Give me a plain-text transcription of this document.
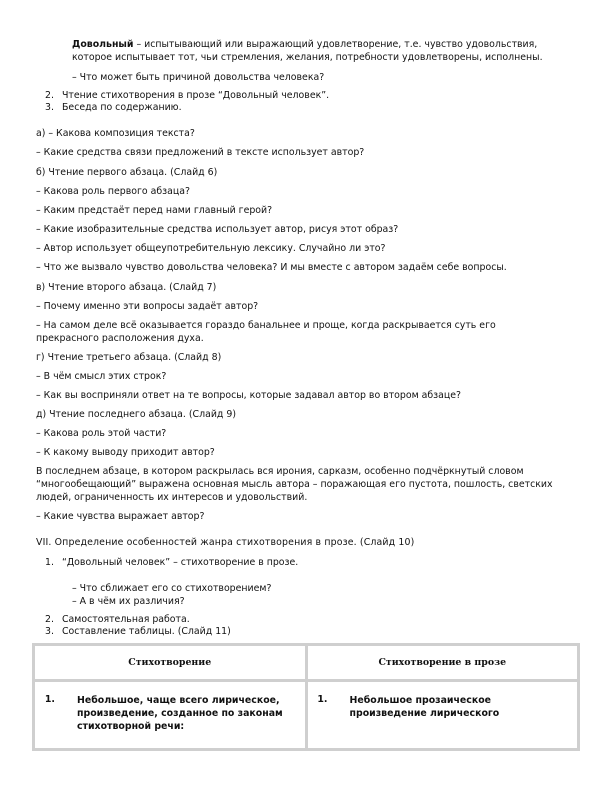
Довольный – испытывающий или выражающий удовлетворение, т.е. чувство удовольствия, которое испытывает тот, чьи стремления, желания, потребности удовлетворены, исполнены.

– Что может быть причиной довольства человека?

2. Чтение стихотворения в прозе “Довольный человек”.
3. Беседа по содержанию.

а) – Какова композиция текста?

– Какие средства связи предложений в тексте использует автор?

б) Чтение первого абзаца. (Слайд 6)

– Какова роль первого абзаца?

– Каким предстаёт перед нами главный герой?

– Какие изобразительные средства использует автор, рисуя этот образ?

– Автор использует общеупотребительную лексику. Случайно ли это?

– Что же вызвало чувство довольства человека? И мы вместе с автором задаём себе вопросы.

в) Чтение второго абзаца. (Слайд 7)

– Почему именно эти вопросы задаёт автор?

– На самом деле всё оказывается гораздо банальнее и проще, когда раскрывается суть его прекрасного расположения духа.

г) Чтение третьего абзаца. (Слайд 8)

– В чём смысл этих строк?

– Как вы восприняли ответ на те вопросы, которые задавал автор во втором абзаце?

д) Чтение последнего абзаца. (Слайд 9)

– Какова роль этой части?

– К какому выводу приходит автор?

В последнем абзаце, в котором раскрылась вся ирония, сарказм, особенно подчёркнутый словом “многообещающий” выражена основная мысль автора – поражающая его пустота, пошлость, светских людей, ограниченность их интересов и удовольствий.

– Какие чувства выражает автор?

VII. Определение особенностей жанра стихотворения в прозе. (Слайд 10)

1. “Довольный человек” – стихотворение в прозе.

– Что сближает его со стихотворением?

– А в чём их различия?

2. Самостоятельная работа.
3. Составление таблицы. (Слайд 11)
Стихотворение	Стихотворение в прозе

1. Небольшое, чаще всего лирическое, произведение, созданное по законам стихотворной речи:	1. Небольшое прозаическое произведение лирического
